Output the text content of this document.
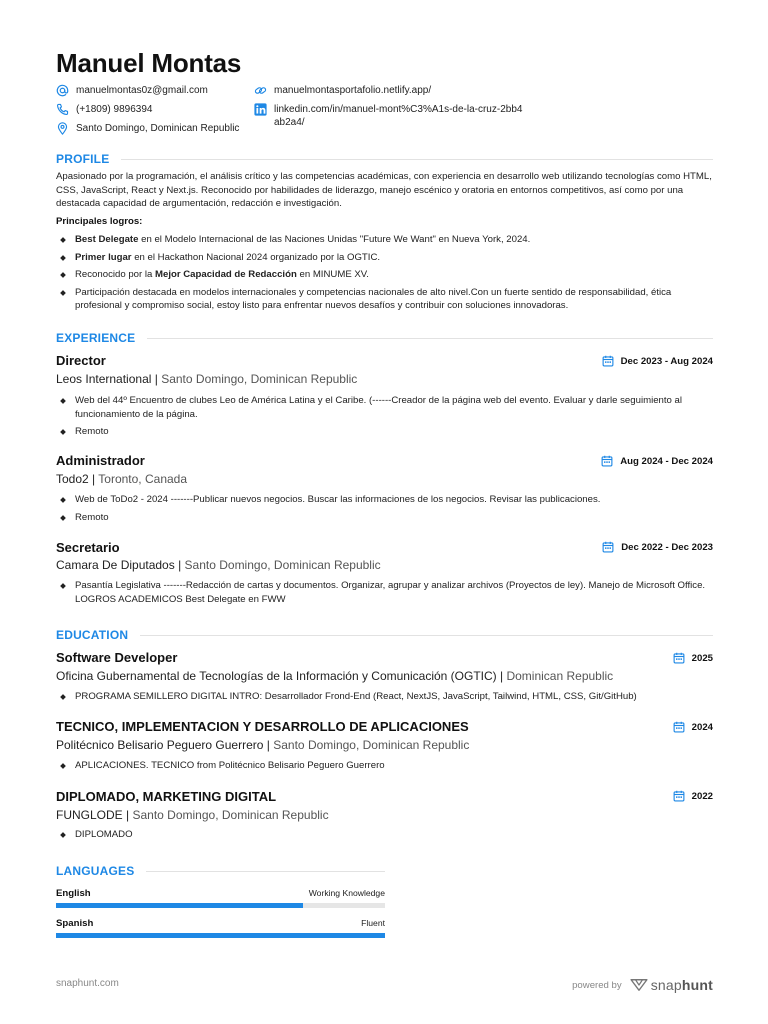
Manuel Montas
manuelmontas0z@gmail.com
(+1809) 9896394
Santo Domingo, Dominican Republic
manuelmontasportafolio.netlify.app/
linkedin.com/in/manuel-mont%C3%A1s-de-la-cruz-2bb4ab2a4/
PROFILE
Apasionado por la programación, el análisis crítico y las competencias académicas, con experiencia en desarrollo web utilizando tecnologías como HTML, CSS, JavaScript, React y Next.js. Reconocido por habilidades de liderazgo, manejo escénico y oratoria en entornos competitivos, así como por una destacada capacidad de argumentación, redacción e investigación.
Principales logros:
Best Delegate en el Modelo Internacional de las Naciones Unidas "Future We Want" en Nueva York, 2024.
Primer lugar en el Hackathon Nacional 2024 organizado por la OGTIC.
Reconocido por la Mejor Capacidad de Redacción en MINUME XV.
Participación destacada en modelos internacionales y competencias nacionales de alto nivel.Con un fuerte sentido de responsabilidad, ética profesional y compromiso social, estoy listo para enfrentar nuevos desafíos y contribuir con soluciones innovadoras.
EXPERIENCE
Director	Dec 2023 - Aug 2024
Leos International | Santo Domingo, Dominican Republic
Web del 44º Encuentro de clubes Leo de América Latina y el Caribe. (------Creador de la página web del evento. Evaluar y darle seguimiento al funcionamiento de la página.
Remoto
Administrador	Aug 2024 - Dec 2024
Todo2 | Toronto, Canada
Web de ToDo2 - 2024 -------Publicar nuevos negocios. Buscar las informaciones de los negocios. Revisar las publicaciones.
Remoto
Secretario	Dec 2022 - Dec 2023
Camara De Diputados | Santo Domingo, Dominican Republic
Pasantía Legislativa -------Redacción de cartas y documentos. Organizar, agrupar y analizar archivos (Proyectos de ley). Manejo de Microsoft Office. LOGROS ACADEMICOS Best Delegate en FWW
EDUCATION
Software Developer	2025
Oficina Gubernamental de Tecnologías de la Información y Comunicación (OGTIC) | Dominican Republic
PROGRAMA SEMILLERO DIGITAL INTRO: Desarrollador Frond-End (React, NextJS, JavaScript, Tailwind, HTML, CSS, Git/GitHub)
TECNICO, IMPLEMENTACION Y DESARROLLO DE APLICACIONES	2024
Politécnico Belisario Peguero Guerrero | Santo Domingo, Dominican Republic
APLICACIONES. TECNICO from Politécnico Belisario Peguero Guerrero
DIPLOMADO, MARKETING DIGITAL	2022
FUNGLODE | Santo Domingo, Dominican Republic
DIPLOMADO
LANGUAGES
English	Working Knowledge
Spanish	Fluent
snaphunt.com	powered by snaphunt
